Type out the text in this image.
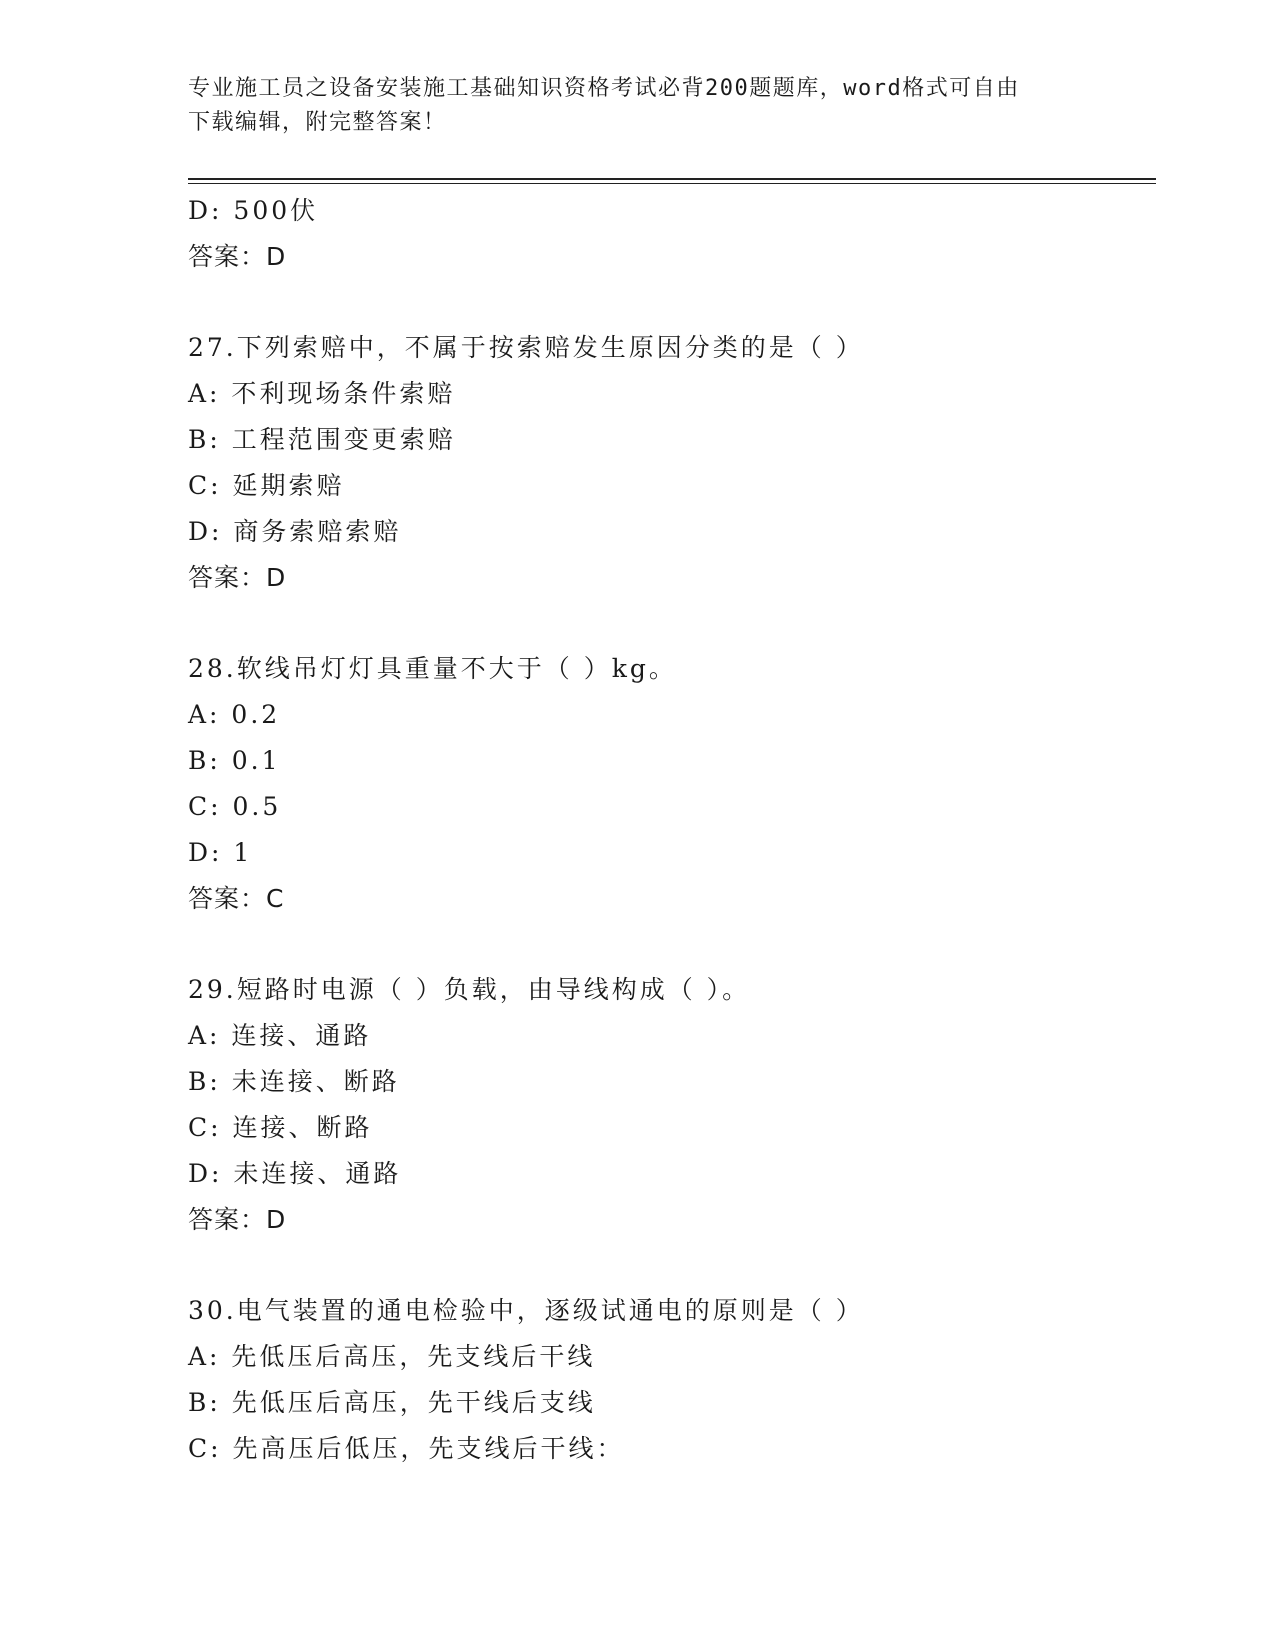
专业施工员之设备安装施工基础知识资格考试必背200题题库，word格式可自由
下载编辑，附完整答案！
D: 500伏
答案：D
27.下列索赔中，不属于按索赔发生原因分类的是（ ）
A: 不利现场条件索赔
B: 工程范围变更索赔
C: 延期索赔
D: 商务索赔索赔
答案：D
28.软线吊灯灯具重量不大于（ ）kg。
A: 0.2
B: 0.1
C: 0.5
D: 1
答案：C
29.短路时电源（ ）负载，由导线构成（ ）。
A: 连接、通路
B: 未连接、断路
C: 连接、断路
D: 未连接、通路
答案：D
30.电气装置的通电检验中，逐级试通电的原则是（ ）
A: 先低压后高压，先支线后干线
B: 先低压后高压，先干线后支线
C: 先高压后低压，先支线后干线：
